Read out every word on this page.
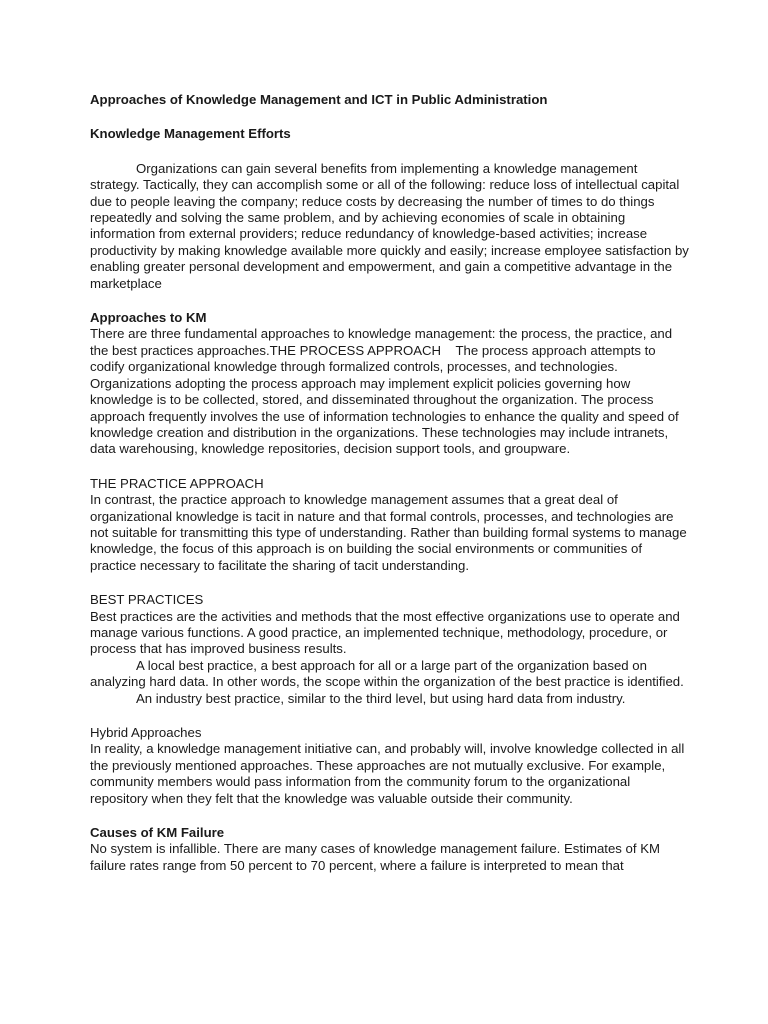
Approaches of Knowledge Management and ICT in Public Administration
Knowledge Management Efforts

Organizations can gain several benefits from implementing a knowledge management strategy. Tactically, they can accomplish some or all of the following: reduce loss of intellectual capital due to people leaving the company; reduce costs by decreasing the number of times to do things repeatedly and solving the same problem, and by achieving economies of scale in obtaining information from external providers; reduce redundancy of knowledge-based activities; increase productivity by making knowledge available more quickly and easily; increase employee satisfaction by enabling greater personal development and empowerment, and gain a competitive advantage in the marketplace

Approaches to KM

There are three fundamental approaches to knowledge management: the process, the practice, and the best practices approaches.THE PROCESS APPROACH    The process approach attempts to codify organizational knowledge through formalized controls, processes, and technologies. Organizations adopting the process approach may implement explicit policies governing how knowledge is to be collected, stored, and disseminated throughout the organization. The process approach frequently involves the use of information technologies to enhance the quality and speed of knowledge creation and distribution in the organizations. These technologies may include intranets, data warehousing, knowledge repositories, decision support tools, and groupware.

THE PRACTICE APPROACH

In contrast, the practice approach to knowledge management assumes that a great deal of organizational knowledge is tacit in nature and that formal controls, processes, and technologies are not suitable for transmitting this type of understanding. Rather than building formal systems to manage knowledge, the focus of this approach is on building the social environments or communities of practice necessary to facilitate the sharing of tacit understanding.

BEST PRACTICES

Best practices are the activities and methods that the most effective organizations use to operate and manage various functions. A good practice, an implemented technique, methodology, procedure, or process that has improved business results.

A local best practice, a best approach for all or a large part of the organization based on analyzing hard data. In other words, the scope within the organization of the best practice is identified.

An industry best practice, similar to the third level, but using hard data from industry.

Hybrid Approaches

In reality, a knowledge management initiative can, and probably will, involve knowledge collected in all the previously mentioned approaches. These approaches are not mutually exclusive. For example, community members would pass information from the community forum to the organizational repository when they felt that the knowledge was valuable outside their community.

Causes of KM Failure

No system is infallible. There are many cases of knowledge management failure. Estimates of KM failure rates range from 50 percent to 70 percent, where a failure is interpreted to mean that
